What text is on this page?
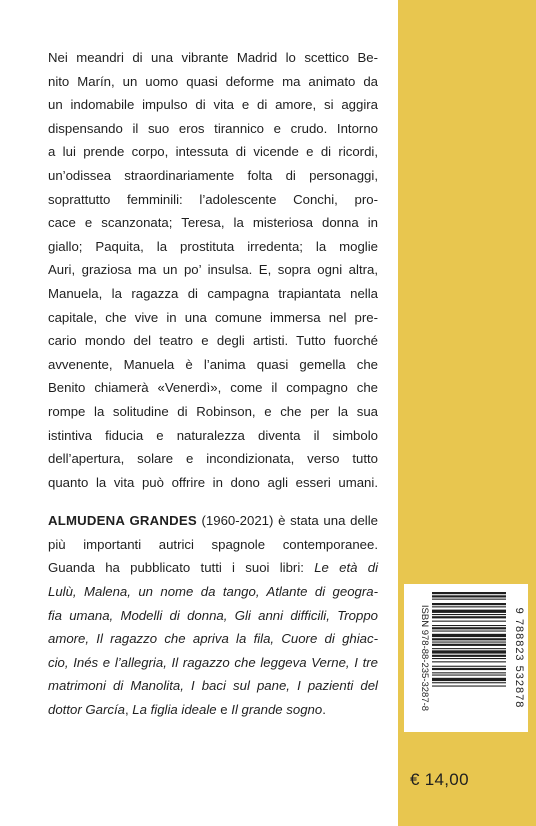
Nei meandri di una vibrante Madrid lo scettico Be-
nito Marín, un uomo quasi deforme ma animato da
un indomabile impulso di vita e di amore, si aggira
dispensando il suo eros tirannico e crudo. Intorno
a lui prende corpo, intessuta di vicende e di ricordi,
un’odissea straordinariamente folta di personaggi,
soprattutto femminili: l’adolescente Conchi, pro-
cace e scanzonata; Teresa, la misteriosa donna in
giallo; Paquita, la prostituta irredenta; la moglie
Auri, graziosa ma un po’ insulsa. E, sopra ogni altra,
Manuela, la ragazza di campagna trapiantata nella
capitale, che vive in una comune immersa nel pre-
cario mondo del teatro e degli artisti. Tutto fuorché
avvenente, Manuela è l’anima quasi gemella che
Benito chiamerà «Venerdì», come il compagno che
rompe la solitudine di Robinson, e che per la sua
istintiva fiducia e naturalezza diventa il simbolo
dell’apertura, solare e incondizionata, verso tutto
quanto la vita può offrire in dono agli esseri umani.

ALMUDENA GRANDES (1960-2021) è stata una delle
più importanti autrici spagnole contemporanee.
Guanda ha pubblicato tutti i suoi libri: Le età di
Lulù, Malena, un nome da tango, Atlante di geogra-
fia umana, Modelli di donna, Gli anni difficili, Troppo
amore, Il ragazzo che apriva la fila, Cuore di ghiac-
cio, Inés e l’allegria, Il ragazzo che leggeva Verne, I tre
matrimoni di Manolita, I baci sul pane, I pazienti del
dottor García, La figlia ideale e Il grande sogno.	ISBN 978-88-235-3287-8	9 788823 532878
€ 14,00
